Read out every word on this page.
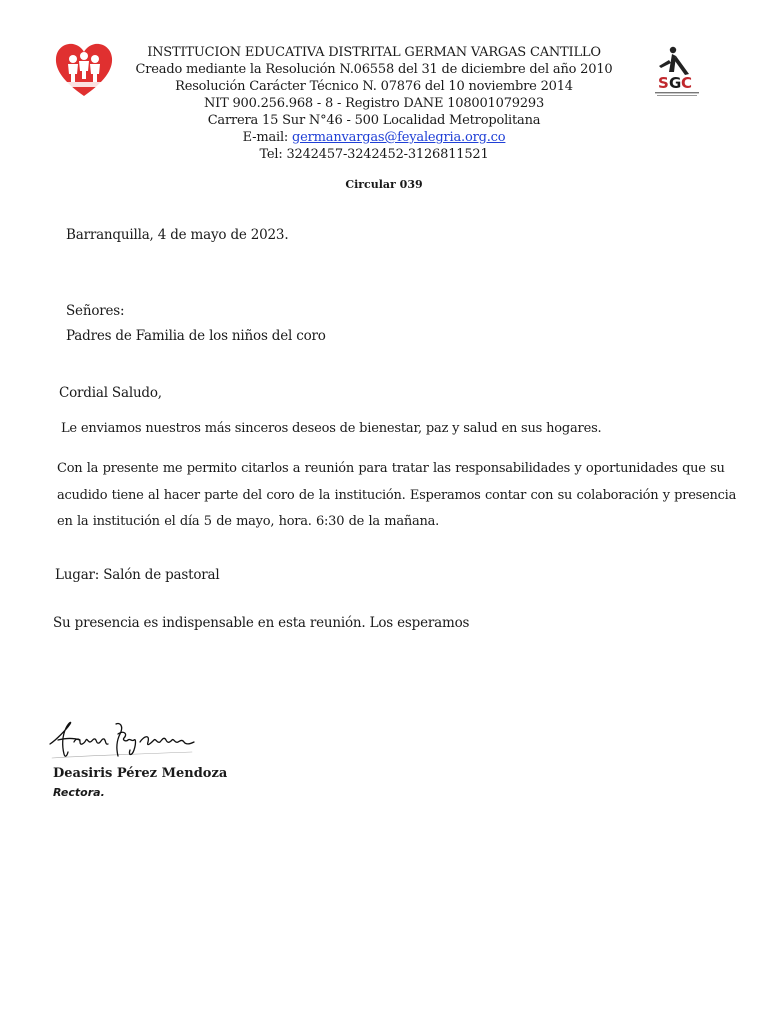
INSTITUCION EDUCATIVA DISTRITAL GERMAN VARGAS CANTILLO
Creado mediante la Resolución N.06558 del 31 de diciembre del año 2010
Resolución Carácter Técnico N. 07876 del 10 noviembre 2014
NIT 900.256.968 - 8 - Registro DANE 108001079293
Carrera 15 Sur N°46 - 500 Localidad Metropolitana
E-mail: germanvargas@feyalegria.org.co
Tel: 3242457-3242452-3126811521
S G C
Circular 039
Barranquilla, 4 de mayo de 2023.
Señores:
Padres de Familia de los niños del coro
Cordial Saludo,
Le enviamos nuestros más sinceros deseos de bienestar, paz y salud en sus hogares.
Con la presente me permito citarlos a reunión para tratar las responsabilidades y oportunidades que su
acudido tiene al hacer parte del coro de la institución. Esperamos contar con su colaboración y presencia
en la institución el día 5 de mayo, hora. 6:30 de la mañana.
Lugar: Salón de pastoral
Su presencia es indispensable en esta reunión. Los esperamos
Deasiris Pérez Mendoza
Rectora.
